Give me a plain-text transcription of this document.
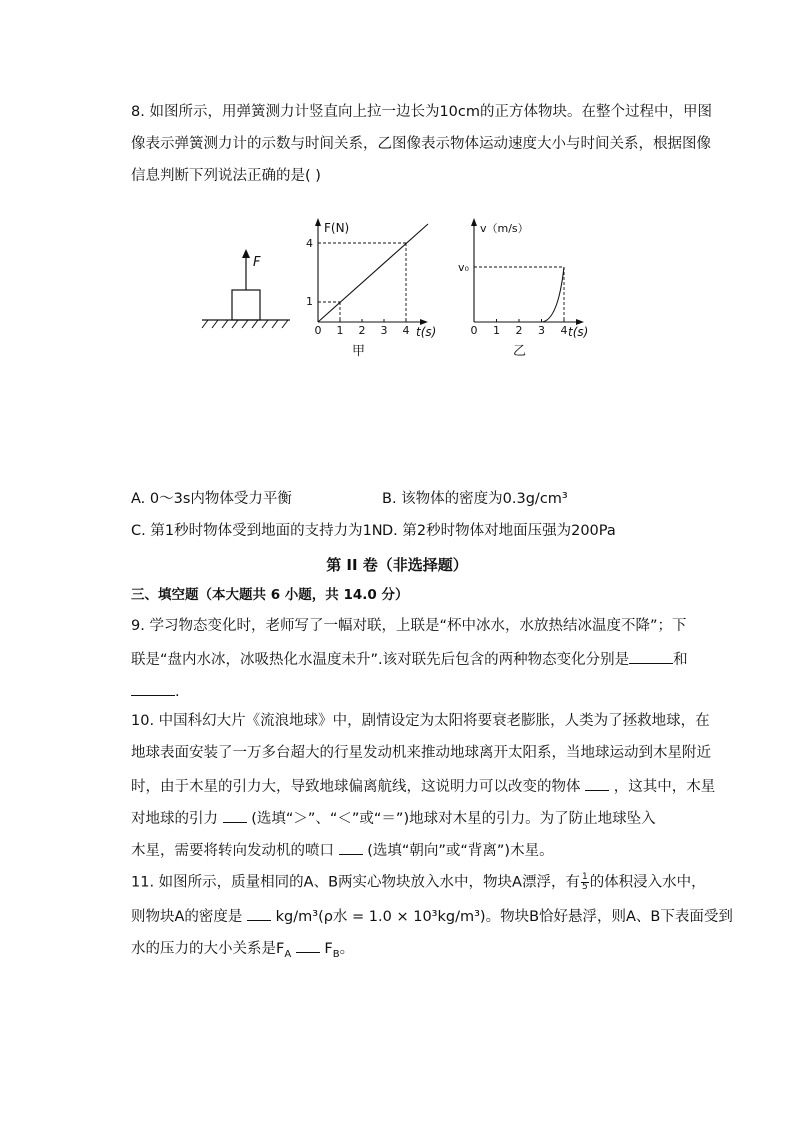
8. 如图所示，用弹簧测力计竖直向上拉一边长为10cm的正方体物块。在整个过程中，甲图
像表示弹簧测力计的示数与时间关系，乙图像表示物体运动速度大小与时间关系，根据图像
信息判断下列说法正确的是( )
F
F(N)
0 1 2 3 4
4
1
t(s)
甲
v（m/s）
v₀
0 1 2 3 4 t(s)
乙
A. 0～3s内物体受力平衡	B. 该物体的密度为0.3g/cm³
C. 第1秒时物体受到地面的支持力为1N D. 第2秒时物体对地面压强为200Pa
第 II 卷（非选择题）
三、填空题（本大题共 6 小题，共 14.0 分）
9. 学习物态变化时，老师写了一幅对联，上联是“杯中冰水，水放热结冰温度不降”；下
联是“盘内水冰，冰吸热化水温度未升”.该对联先后包含的两种物态变化分别是	和
.
10. 中国科幻大片《流浪地球》中，剧情设定为太阳将要衰老膨胀，人类为了拯救地球，在
地球表面安装了一万多台超大的行星发动机来推动地球离开太阳系，当地球运动到木星附近
时，由于木星的引力大，导致地球偏离航线，这说明力可以改变的物体 ，这其中，木星
对地球的引力 (选填“＞”、“＜”或“＝”)地球对木星的引力。为了防止地球坠入
木星，需要将转向发动机的喷口 (选填“朝向”或“背离”)木星。
11. 如图所示，质量相同的A、B两实心物块放入水中，物块A漂浮，有 $\frac{1}{5}$ 的体积浸入水中，
则物块A的密度是 kg/m³(ρ水 = 1.0 × 10³kg/m³)。物块B恰好悬浮，则A、B下表面受到
水的压力的大小关系是$F_A$ $F_B$。
